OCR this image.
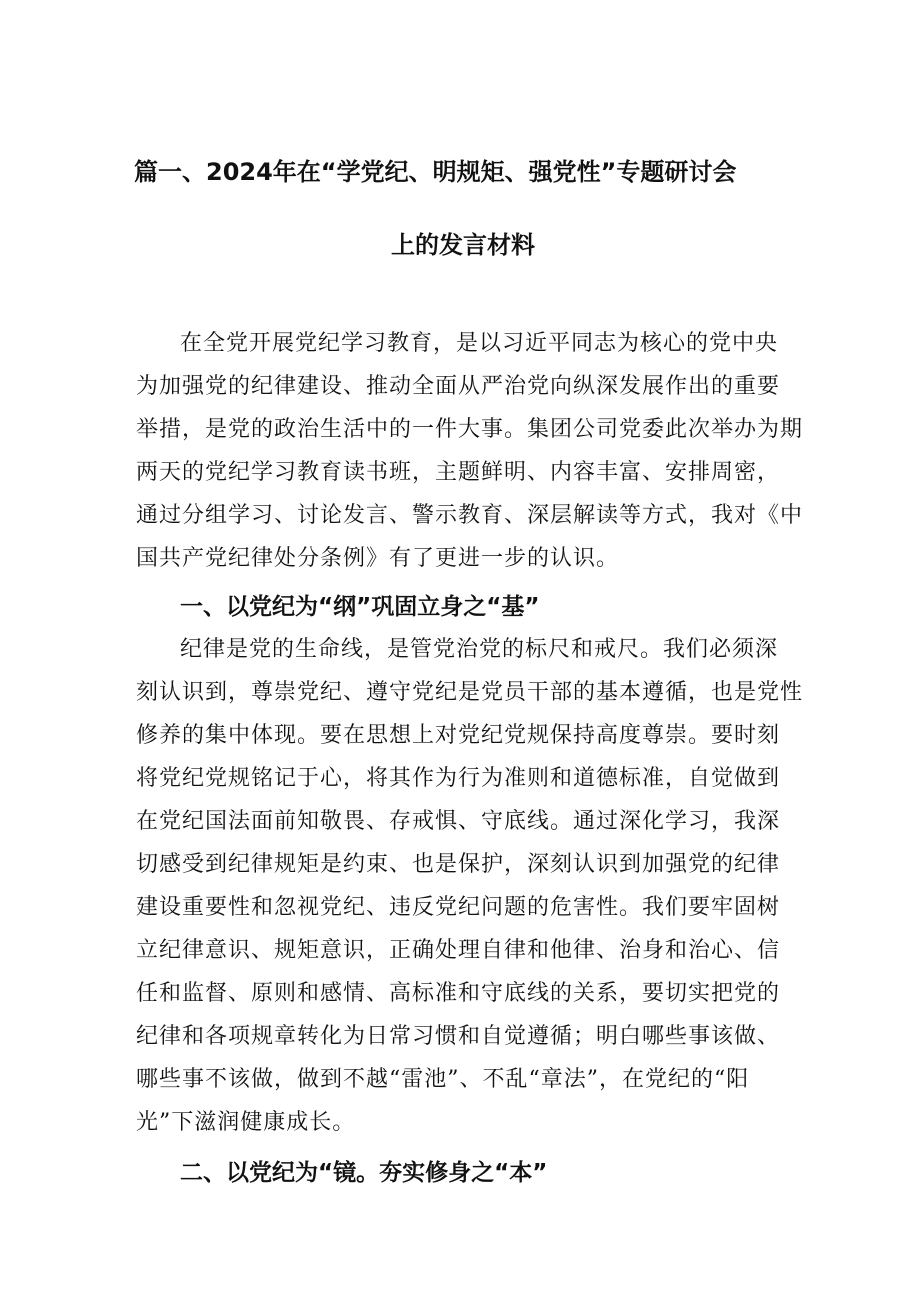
篇一、2024年在“学党纪、明规矩、强党性”专题研讨会
上的发言材料
在全党开展党纪学习教育，是以习近平同志为核心的党中央
为加强党的纪律建设、推动全面从严治党向纵深发展作出的重要
举措，是党的政治生活中的一件大事。集团公司党委此次举办为期
两天的党纪学习教育读书班，主题鲜明、内容丰富、安排周密，
通过分组学习、讨论发言、警示教育、深层解读等方式，我对《中
国共产党纪律处分条例》有了更进一步的认识。
一、以党纪为“纲”巩固立身之“基”
纪律是党的生命线，是管党治党的标尺和戒尺。我们必须深
刻认识到，尊崇党纪、遵守党纪是党员干部的基本遵循，也是党性
修养的集中体现。要在思想上对党纪党规保持高度尊崇。要时刻
将党纪党规铭记于心，将其作为行为准则和道德标准，自觉做到
在党纪国法面前知敬畏、存戒惧、守底线。通过深化学习，我深
切感受到纪律规矩是约束、也是保护，深刻认识到加强党的纪律
建设重要性和忽视党纪、违反党纪问题的危害性。我们要牢固树
立纪律意识、规矩意识，正确处理自律和他律、治身和治心、信
任和监督、原则和感情、高标准和守底线的关系，要切实把党的
纪律和各项规章转化为日常习惯和自觉遵循；明白哪些事该做、
哪些事不该做，做到不越“雷池”、不乱“章法”，在党纪的“阳
光”下滋润健康成长。
二、以党纪为“镜。夯实修身之“本”
